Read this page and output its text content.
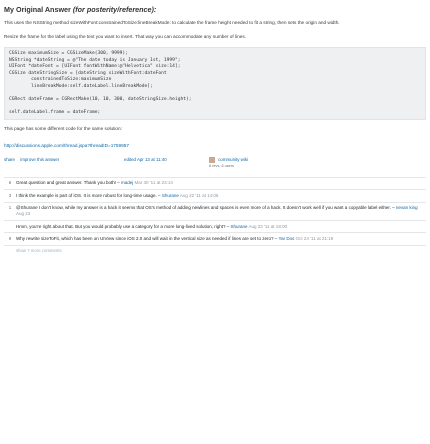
My Original Answer (for posterity/reference):
This uses the NSString method sizeWithFont:constrainedToSize:lineBreakMode: to calculate the frame height needed to fit a string, then sets the origin and width.
Resize the frame for the label using the text you want to insert. That way you can accommodate any number of lines.
CGSize maximumSize = CGSizeMake(300, 9999);
NSString *dateString = @"The date today is January 1st, 1999";
UIFont *dateFont = [UIFont fontWithName:@"Helvetica" size:14];
CGSize dateStringSize = [dateString sizeWithFont:dateFont
constrainedToSize:maximumSize
lineBreakMode:self.dateLabel.lineBreakMode];
CGRect dateFrame = CGRectMake(10, 10, 300, dateStringSize.height);
self.dateLabel.frame = dateFrame;
This page has some different code for the same solution:

http://discussions.apple.com/thread.jspa?threadID=1759957

share improve this answer	edited Apr 13 at 11:40	community wiki
6 revs, 6 users
6	Great question and great answer. Thank you both! – madej Mar 30 '11 at 23:14
3	I think the example is part of iOS. It is more robust for long-time usage. – Shurane Aug 22 '11 at 14:06
1	@Shurane I don't know, while my answer is a hack it seems that OS's method of adding newlines and spaces is even more of a hack. It doesn't work well if you want a copyable label either. – nevan king Aug 23
Hmm, you're right about that. But you would probably use a category for a more long-lived solution, right? – Shurane Aug 23 '11 at 18:00
9	Why rewrite sizeToFit, which has been on UIView since iOS 2.0 and will wait in the vertical size as needed if lines are set to zero? – Yar Dos Oct 24 '11 at 21:19
show 7 more comments
